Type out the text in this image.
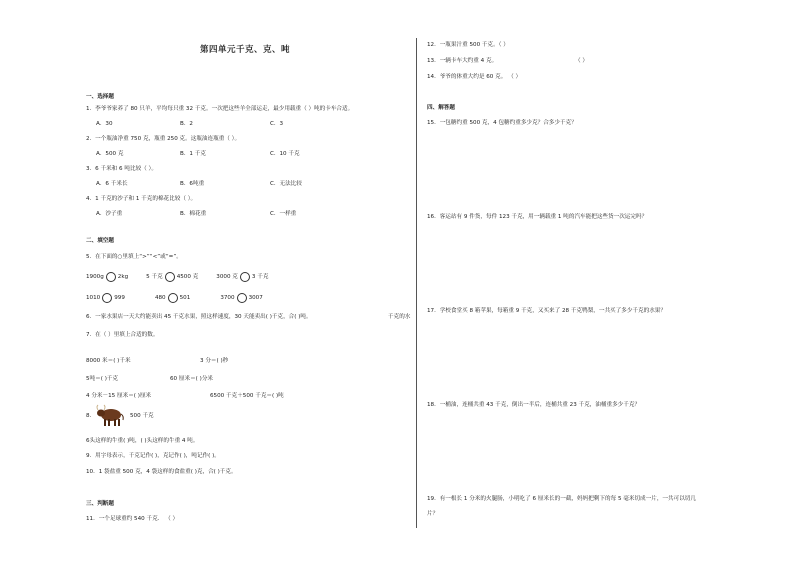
第四单元千克、克、吨
一、选择题
1．李爷爷家养了 80 只羊，平均每只重 32 千克。一次把这些羊全部运走，最少用载重（ ）吨的卡车合适。
A．30	B．2	C．3
2．一个瓶油净重 750 克，瓶重 250 克。这瓶油连瓶重（ ）。
A．500 克	B．1 千克	C．10 千克
3．6 千米和 6 吨比较（ ）。
A．6 千米长	B．6吨重	C．无法比较
4．1 千克的沙子和 1 千克的棉花比较（ ）。
A．沙子重	B．棉花重	C．一样重
二、填空题
5．在下面的○里填上“>”“<”或“=”。
1900g	2kg	5 千克	4500 克	3000 克	3 千克
1010	999	480	501	3700	3007
6．一家水果店一天大约能卖出 45 千克水果，照这样速度，30 天能卖出( )千克，合( )吨。	千克的水
7．在（ ）里填上合适的数。
8000 米＝( )千米	3 分＝( )秒
5吨＝( )千克	60 厘米＝( )分米
4 分米－15 厘米＝( )厘米	6500 千克＋500 千克＝( )吨
8．	500 千克
6头这样的牛重( )吨，( )头这样的牛重 4 吨。
9．用字母表示，千克记作( )，克记作( )，吨记作( )。
10．1 袋盐重 500 克，4 袋这样的食盐重( )克，合( )千克。
三、判断题
11．一个足球重约 540 千克． （ ）
12．一瓶果汁重 500 千克。（ ）
13．一辆卡车大约重 4 克。	（ ）
14．爷爷的体重大约是 60 克。 （ ）
四、解答题
15．一包糖约重 500 克，4 包糖约重多少克？合多少千克？
16．客运站有 9 件货，每件 123 千克，用一辆载重 1 吨的汽车能把这些货一次运完吗？
17．学校食堂买 8 箱苹果，每箱重 9 千克，又买来了 28 千克鸭梨，一共买了多少千克的水果？
18．一桶油，连桶共重 43 千克，倒出一半后，连桶共重 23 千克，油桶重多少千克？
19．有一根长 1 分米的火腿肠，小明吃了 6 厘米长的一截，妈妈把剩下的每 5 毫米切成一片，一共可以切几
片？
